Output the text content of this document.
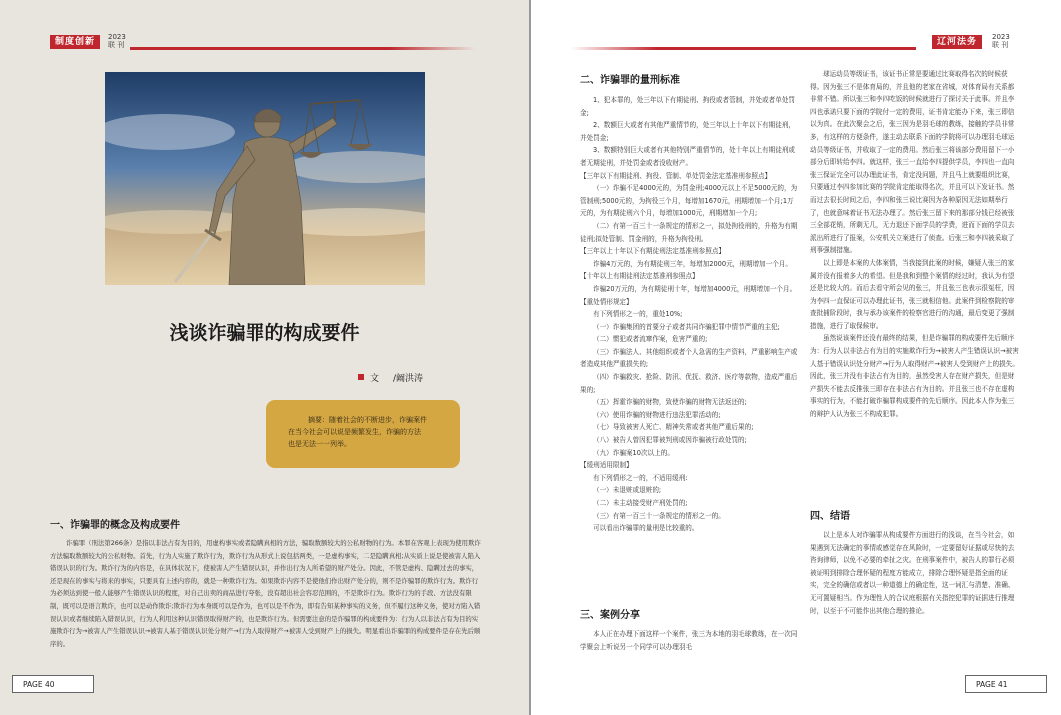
制度创新	2023
联 刊
浅谈诈骗罪的构成要件
文 /阚洪涛
摘要：随着社会的不断进步，诈骗案件
在当今社会可以说是频繁发生，诈骗的方法
也是无法一一列举。
一、诈骗罪的概念及构成要件
诈骗罪（刑法第266条）是指以非法占有为目的，用虚构事实或者隐瞒真相的方法，骗取数额较大的公私财物的行为。本罪在客观上表现为使用欺诈方法骗取数额较大的公私财物。首先，行为人实施了欺诈行为，欺诈行为从形式上说包括两类，一是虚构事实，二是隐瞒真相;从实质上说是使被害人陷入错误认识的行为。欺诈行为的内容是，在具体状况下，使被害人产生错误认识，并作出行为人所希望的财产处分。因此，不管是虚构、隐瞒过去的事实，还是现在的事实与将来的事实，只要具有上述内容的，就是一种欺诈行为。如果欺诈内容不是使他们作出财产处分的，则不是诈骗罪的欺诈行为。欺诈行为必须达到使一般人能够产生错误认识的程度，对自己出卖的商品进行夸张，没有超出社会容忍范围的，不是欺诈行为。欺诈行为的手段、方法没有限制，既可以是语言欺诈，也可以是动作欺诈;欺诈行为本身既可以是作为，也可以是不作为，即有告知某种事实的义务，但不履行这种义务，使对方陷入错误认识或者继续陷入错误认识，行为人利用这种认识错误取得财产的，也是欺诈行为。但需要注意的是诈骗罪的构成要件为：行为人以非法占有为目的实施欺诈行为→被害人产生错误认识→被害人基于错误认识处分财产→行为人取得财产→被害人受到财产上的损失。明显看出诈骗罪的构成要件是存在先后顺序的。
PAGE 40
辽河法务	2023
联 刊
二、诈骗罪的量刑标准

1、犯本罪的，处三年以下有期徒刑、拘役或者管制，并处或者单处罚金;

2、数额巨大或者有其他严重情节的，处三年以上十年以下有期徒刑，并处罚金;

3、数额特别巨大或者有其他特别严重情节的，处十年以上有期徒刑或者无期徒刑，并处罚金或者没收财产。

【三年以下有期徒刑、拘役、管制、单处罚金法定基准刑参照点】

（一）诈骗不足4000元的，为罚金刑;4000元以上不足5000元的，为管制刑;5000元的，为拘役三个月，每增加1670元，刑期增加一个月;1万元的，为有期徒刑六个月，每增加1000元，刑期增加一个月;

（二）有第一百三十一条规定的情形之一，拟处拘役刑的，升格为有期徒刑;拟处管制、罚金刑的，升格为拘役刑。

【三年以上十年以下有期徒刑法定基准刑参照点】

诈骗4万元的，为有期徒刑三年，每增加2000元，刑期增加一个月。

【十年以上有期徒刑法定基准刑参照点】

诈骗20万元的，为有期徒刑十年，每增加4000元，刑期增加一个月。

【重处情形规定】

有下列情形之一的，重处10%;

（一）诈骗集团的首要分子或者共同诈骗犯罪中情节严重的主犯;

（二）惯犯或者流窜作案，危害严重的;

（三）诈骗法人、其他组织或者个人急需的生产资料，严重影响生产或者造成其他严重损失的;

（四）诈骗救灾、抢险、防汛、优抚、救济、医疗等款物，造成严重后果的;

（五）挥霍诈骗的财物，致使诈骗的财物无法返还的;

（六）使用诈骗的财物进行违法犯罪活动的;

（七）导致被害人死亡、精神失常或者其他严重后果的;

（八）被告人曾因犯罪被判刑或因诈骗被行政处罚的;

（九）诈骗案10次以上的。

【缓刑适用限制】

有下列情形之一的，不适用缓刑:

（一）未退赃或退赃的;

（二）未主动接受财产刑处罚的;

（三）有第一百三十一条规定的情形之一的。

可以看出诈骗罪的量刑是比较重的。

三、案例分享

本人正在办理下面这样一个案件，张三为本地的羽毛球教练，在一次同学聚会上听说另一个同学可以办理羽毛

球运动员等级证书，该证书正常是要通过比赛取得名次的时候获得。因为张三不是体育局的，并且他的老家在省城，对体育局有关系都非常不错。所以张三和李四吃饭的时候就进行了探讨关于此事。并且李四也承诺只要下面的学院付一定的费用，证书肯定能办下来，张三即信以为真。在此次聚会之后，张三因为是羽毛球的教练，接触的学员非常多，有这样的方便条件，遂主动去联系下面的学院将可以办理羽毛球运动员等级证书，并收取了一定的费用。然后张三将该部分费用留下一小部分后即转给李四。就这样，张三一直给李四提供学员，李四也一直向张三保证完全可以办理此证书，肯定没问题，并且马上就要组织比赛，只要通过李四参加比赛的学院肯定能取得名次，并且可以下发证书。然而过去很长时间之后，李四和张三说比赛因为各种原因无法如期举行了，也就意味着证书无法办理了。然后张三留下来的那部分钱已经被张三全部花销，所剩无几，无力退还下面学员的学费，进而下面的学员去派出所进行了报案，公安机关立案进行了侦查。后张三和李四被采取了刑事强制措施。

以上即是本案的大体案情，当我接到此案的时候，嫌疑人张三的家属并没有报着多大的希望。但是我和到整个案情的经过时，我认为有望还是比较大的。而后去看守所会见的张三，并且张三也表示很冤枉，因为李四一直保证可以办理此证书，张三就相信他。此案件到检察院的审查批捕阶段时，我与承办该案件的检察官进行的沟通，最后变更了强制措施，进行了取保候审。

虽然说该案件还没有最终的结果，但是诈骗罪的构成要件先后顺序为：行为人以非法占有为目的实施欺诈行为→被害人产生错误认识→被害人基于错误认识处分财产→行为人取得财产→被害人受到财产上的损失。因此，张三并没有非法占有为目的，虽然受害人存在财产损失，但是财产损失不能去反推张三即存在非法占有为目的。并且张三也不存在虚构事实的行为，不能打破诈骗罪构成要件的先后顺序。因此本人作为张三的辩护人认为张三不构成犯罪。

四、结语

以上是本人对诈骗罪从构成要件方面进行的浅谈，在当今社会，如果遇到无法确定的事情或感觉存在风险时，一定要留好证据或尽快的去咨询律师，以免不必要的牵扯之灾。在刑事案件中，被告人的罪行必须被证明到排除合理怀疑的程度方能成立，排除合理怀疑是指全面的证实，完全的确信或者以一种道德上的确定性，这一词汇与清楚、准确、无可置疑相当。作为理性人的合议庭根据有关指控犯罪的证据进行推理时，以至于不可能作出其他合理的推论。

PAGE 41
